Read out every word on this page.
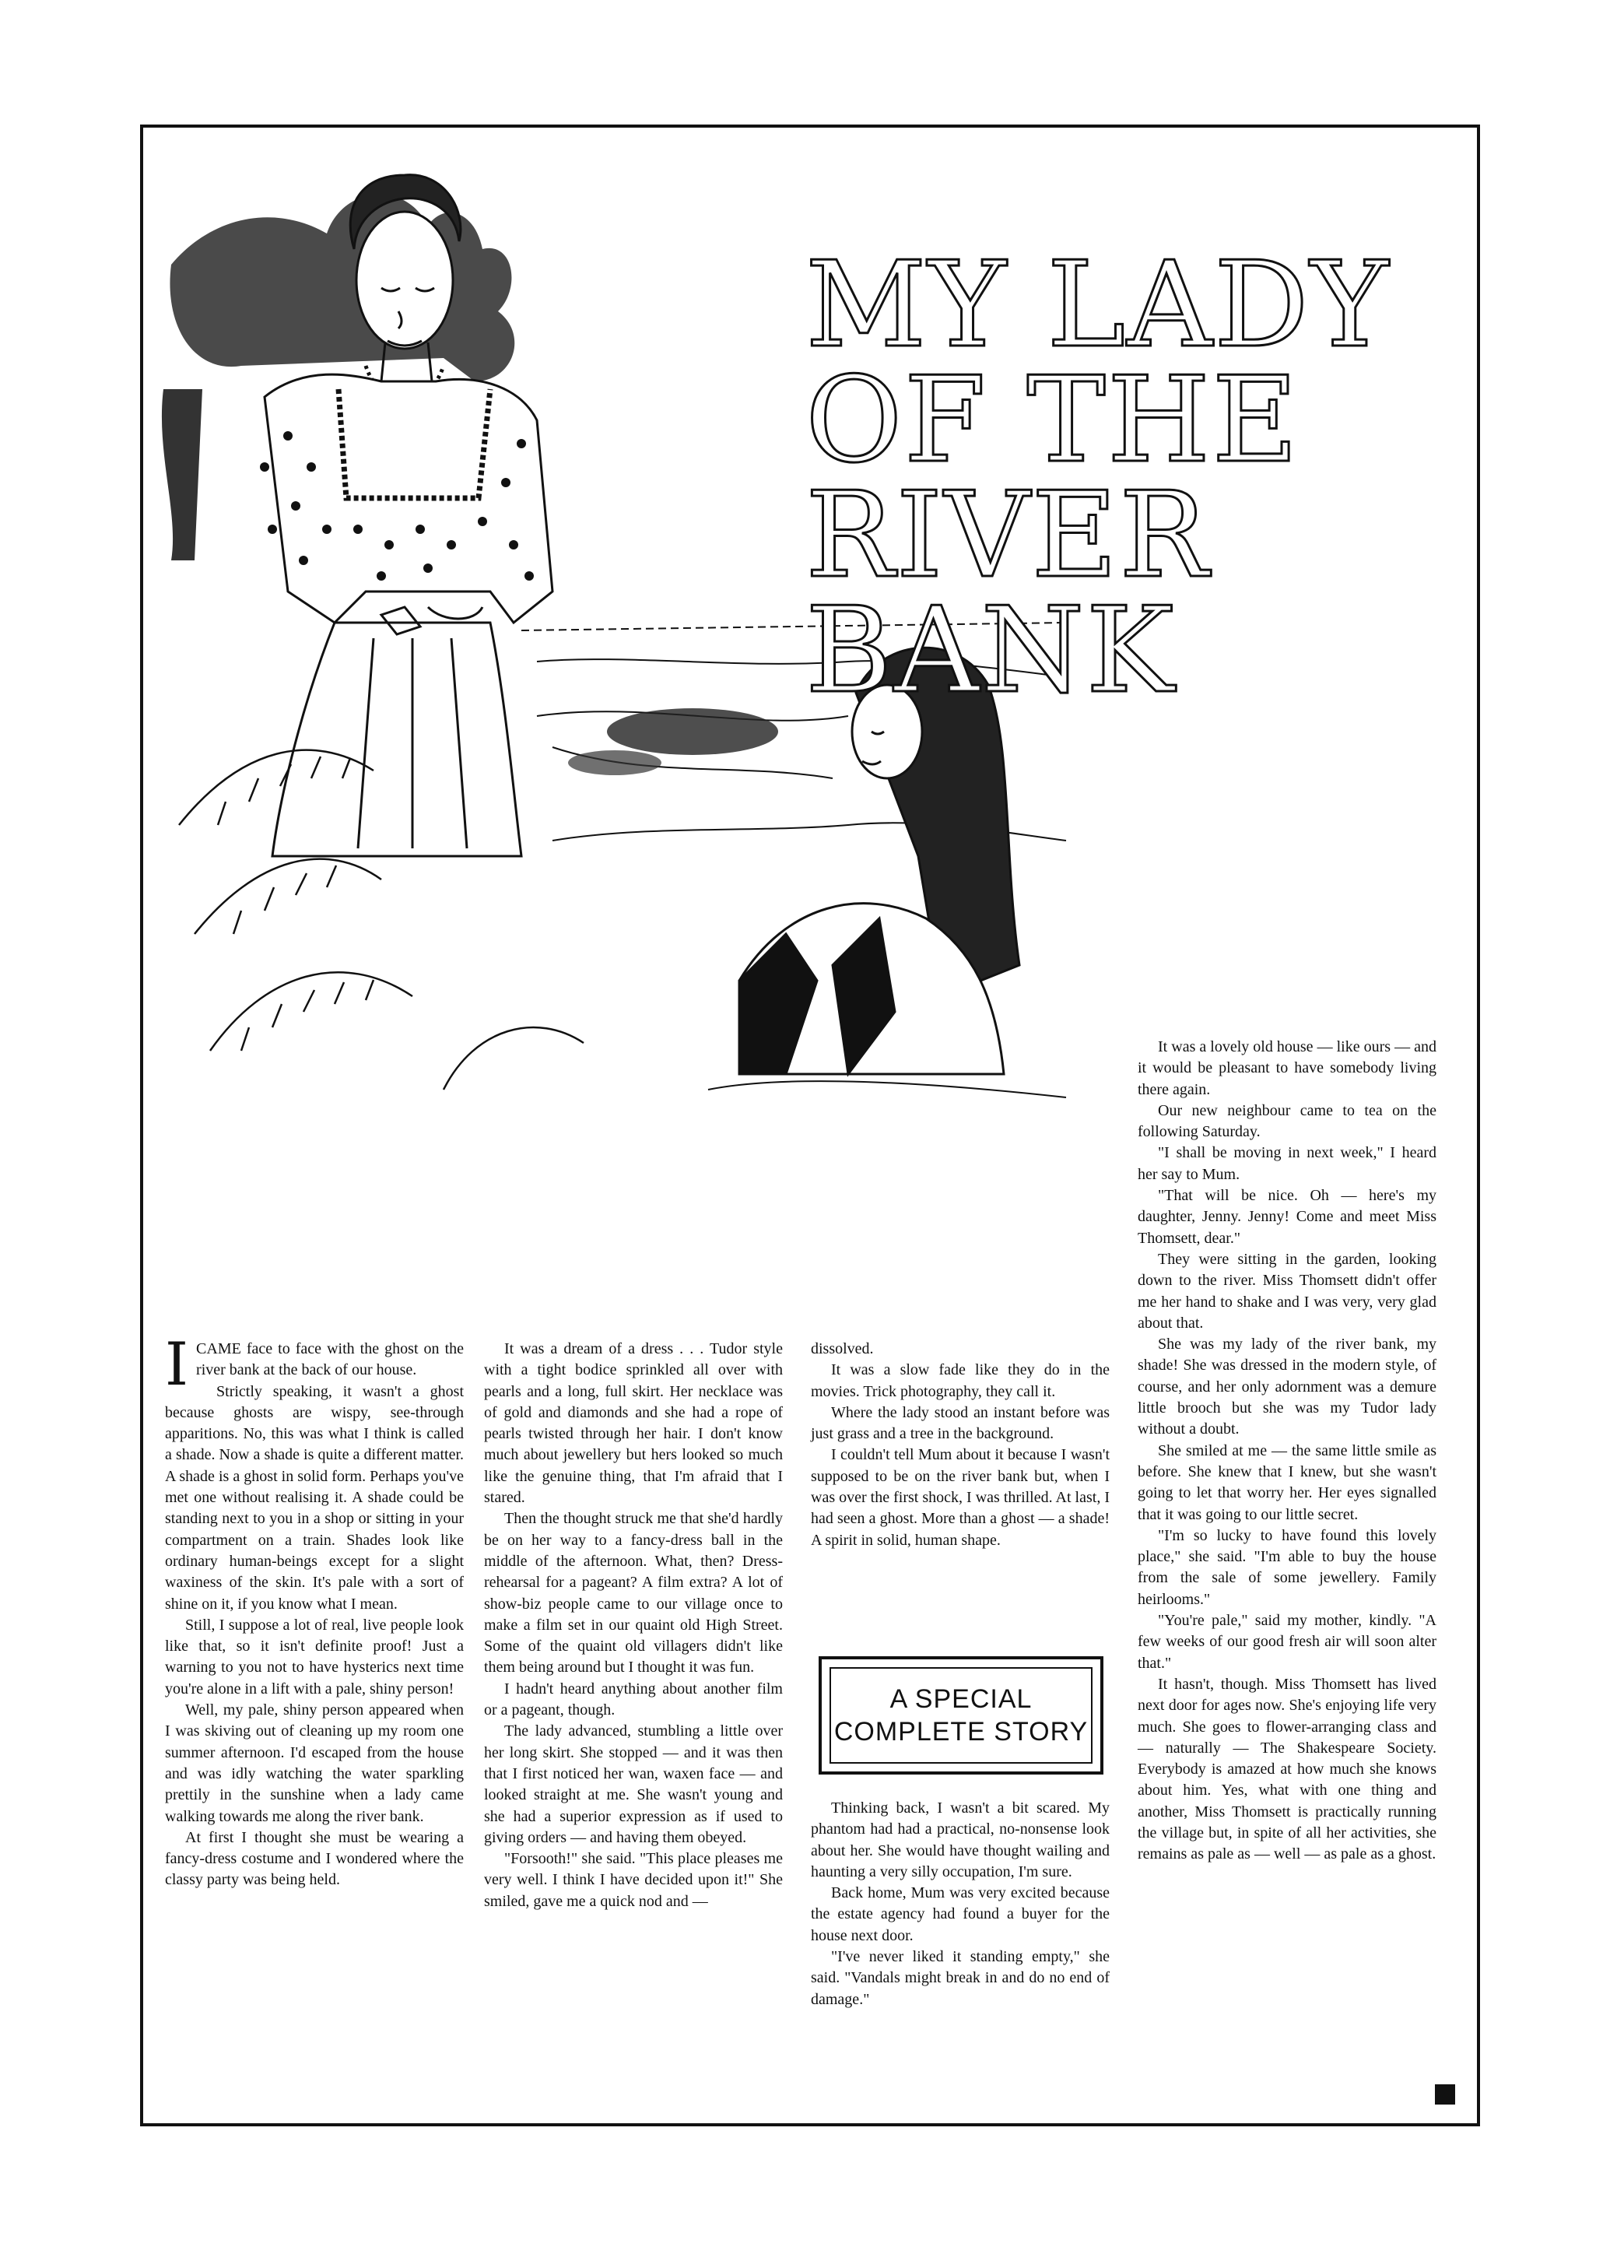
MY LADY
OF THE
RIVER
BANK

ICAME face to face with the ghost on the river bank at the back of our house.

Strictly speaking, it wasn't a ghost because ghosts are wispy, see-through apparitions. No, this was what I think is called a shade. Now a shade is quite a different matter. A shade is a ghost in solid form. Perhaps you've met one without realising it. A shade could be standing next to you in a shop or sitting in your compartment on a train. Shades look like ordinary human-beings except for a slight waxiness of the skin. It's pale with a sort of shine on it, if you know what I mean.

Still, I suppose a lot of real, live people look like that, so it isn't definite proof! Just a warning to you not to have hysterics next time you're alone in a lift with a pale, shiny person!

Well, my pale, shiny person appeared when I was skiving out of cleaning up my room one summer afternoon. I'd escaped from the house and was idly watching the water sparkling prettily in the sunshine when a lady came walking towards me along the river bank.

At first I thought she must be wearing a fancy-dress costume and I wondered where the classy party was being held.

It was a dream of a dress . . . Tudor style with a tight bodice sprinkled all over with pearls and a long, full skirt. Her necklace was of gold and diamonds and she had a rope of pearls twisted through her hair. I don't know much about jewellery but hers looked so much like the genuine thing, that I'm afraid that I stared.

Then the thought struck me that she'd hardly be on her way to a fancy-dress ball in the middle of the afternoon. What, then? Dress-rehearsal for a pageant? A film extra? A lot of show-biz people came to our village once to make a film set in our quaint old High Street. Some of the quaint old villagers didn't like them being around but I thought it was fun.

I hadn't heard anything about another film or a pageant, though.

The lady advanced, stumbling a little over her long skirt. She stopped — and it was then that I first noticed her wan, waxen face — and looked straight at me. She wasn't young and she had a superior expression as if used to giving orders — and having them obeyed.

"Forsooth!" she said. "This place pleases me very well. I think I have decided upon it!" She smiled, gave me a quick nod and —

dissolved.

It was a slow fade like they do in the movies. Trick photography, they call it.

Where the lady stood an instant before was just grass and a tree in the background.

I couldn't tell Mum about it because I wasn't supposed to be on the river bank but, when I was over the first shock, I was thrilled. At last, I had seen a ghost. More than a ghost — a shade! A spirit in solid, human shape.

A SPECIAL
COMPLETE STORY

Thinking back, I wasn't a bit scared. My phantom had had a practical, no-nonsense look about her. She would have thought wailing and haunting a very silly occupation, I'm sure.

Back home, Mum was very excited because the estate agency had found a buyer for the house next door.

"I've never liked it standing empty," she said. "Vandals might break in and do no end of damage."

It was a lovely old house — like ours — and it would be pleasant to have somebody living there again.

Our new neighbour came to tea on the following Saturday.

"I shall be moving in next week," I heard her say to Mum.

"That will be nice. Oh — here's my daughter, Jenny. Jenny! Come and meet Miss Thomsett, dear."

They were sitting in the garden, looking down to the river. Miss Thomsett didn't offer me her hand to shake and I was very, very glad about that.

She was my lady of the river bank, my shade! She was dressed in the modern style, of course, and her only adornment was a demure little brooch but she was my Tudor lady without a doubt.

She smiled at me — the same little smile as before. She knew that I knew, but she wasn't going to let that worry her. Her eyes signalled that it was going to our little secret.

"I'm so lucky to have found this lovely place," she said. "I'm able to buy the house from the sale of some jewellery. Family heirlooms."

"You're pale," said my mother, kindly. "A few weeks of our good fresh air will soon alter that."

It hasn't, though. Miss Thomsett has lived next door for ages now. She's enjoying life very much. She goes to flower-arranging class and — naturally — The Shakespeare Society. Everybody is amazed at how much she knows about him. Yes, what with one thing and another, Miss Thomsett is practically running the village but, in spite of all her activities, she remains as pale as — well — as pale as a ghost.
